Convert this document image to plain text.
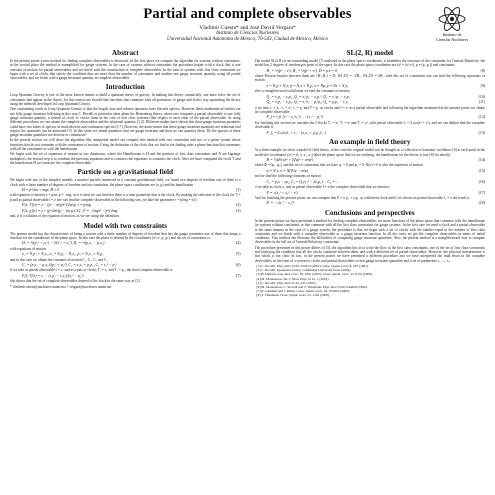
Partial and complete observables
Vladimir Cuesta* and José David Vergara*
Instituto de Ciencias Nucleares
Universidad Nacional Autónoma de México, 70-543, Ciudad de México, México
Instituto de
Ciencias Nucleares
Abstract

In the present poster a new method for finding complete observables is discussed. In the first place we compute the algorithm for systems without constraints, in the second place the method is exemplified for gauge systems. In the case of systems without constraints the procedure begins with a clock that is one constant of motion for partial observables and we finish with the construction of complete observables. In the case of systems with first class constraints we begin with a set of clocks that satisfy the condition that are more than the number of constraints and another one gauge invariant quantity, using all partial observables, and we finish with a gauge invariant quantity in complete observables.

Introduction

Loop Quantum Gravity is one of the most known intents to build a quantum theory of gravity. In making this theory canonically, one must solve the set of constraints that appear in the theory, for this reason one should find functions that commute with all generators of gauge and in this way quantizing the theory using the methods developed in Loop Quantum Gravity.

One outstanding result in Loop Quantum Gravity is that the length, area and volume operators have discrete spectra. However these mathematical entities are not fully gauge invariant following in this way C. Rovelli in particular ideas about the Heisenberg theory, where one computes a partial observable to one fully gauge invariant quantity, a system of clock or clocks (time in the case of first class systems) that respect to each other of the partial observable. In using different procedures we can obtain the complete observables and the relational quantity [1,2]. Different studies have shown that these gauge invariant quantities could have two kinds of spectra, as main discrete and continuous spectra [3-7]. However, the main reason that these gauge invariant quantities are relational and respect the quantities can be measured [3]. In this sense we obtain quantities that are gauge invariant and then we can quantize them. Do the spectra of these gauge invariant quantities are discrete or continuous?

In the present section we will show the algorithm like interpreted model can compute this method with two constraints and two of a given system where functions that do not commute with the constraints of motion. Using the definition of the clock that we find in the finding rules a phase function that commutes with all the constraints or with the hamiltonian.

We begin with the set of equations of motion in one dimension, where the Hamiltonian is H and the position of first class constraints and N are lagrange multipliers, the second step is to combine the previous equations and to construct the equations to construct the clock. After we have computed the clock T and the hamiltonian H we construct the complete observable.

Particle on a gravitational field

We begin with one of the simplest models, a massive particle immersed in a constant gravitational field, we found two degrees of freedom one of them is a clock with a finite number of degrees of freedom and we constraints, the phase space coordinates are (z, p) and the hamiltonian

H = p²/2m + mgz, H ≈ 0	(1)

with equation of motion ż = p/m, ṗ = −mg, so it is then we can find that there is a time parameter that is the clock. By making the selection of the clock for T = p and as partial observable f = z one can find the complete observable in the following way, we take the parameter τ = p/mg = t(τ).

F[z; T](τ) = z − (p² − m²g²τ²)/2m²g, τ = p/mg	(2)
F[z; p](τ) = z + (p²/2m²g) − (m g τ²)/2 , F = −(mgτ² − p²)/2mg	(3)

and, it is a solution of the equation of motion, as we see using the definition.

Model with two constraints

The present model has the characteristic of being a system with a finite number of degrees of freedom that has the gauge symmetry one of them that keeps a function for the coordinates of the phase space. In this case the phase is labeled by the coordinates (x¹,x², p₁,p₂) and the set of constraints is:

D₁ = ½(p₁² + p₂²) − ½(x₁² + x₂²), D₂ = ½(p₁x₂ − p₂x₁)	(4)

with equations of motion

ẋ₁ = N₁p₁ + N₂x₂, ẋ₂ = N₁p₂ − N₂x₁, ṗ₁ = N₁x₁ + N₂p₂	(5)

and in this case we obtain the constants of motion C₁, C₂, C₃ and C₄

C₁ = (p₁x₂ − p₂x₁)/(p₁² + p₂²), C₂ = x₁x₂ + p₁p₂, C₃ = x₁² − p₁²	(6)

if we take as partial observable f = x₁ and as a pair of clocks T₁ = x₂ and T₂ = p₂, the final complete observable is

F[f; T](τ) = x₁ − (τ₁p₂ − τ₂x₂)/(x₂² − p₂²)	(7)

this shows that the set of complete observables depend of the clock in the same way as [3].

* vladimir.cuesta@nucleares.unam.mx † vergara@nucleares.unam.mx

SL(2, R) model

The model SL(2,R) is an outstanding model [7] analyzed in the phase space coordinates, it resembles the structure of the constraints for General Relativity; the model has 2 degrees of freedom per point of the space. In this case the phase space coordinates are (x¹ = (x¹,x²), p = (p₁,p₂)) and constraints

H₁ = ½(p² − x²), H₂ = ½(p² + x²), D = p·x = 0,	(8)

where Poisson bracket between them are {H₁,H₂} = D, {H₁,D} = −2H₁, {H₂,D} = 2H₂, with this set of constraints one can find the following equations of motion

ẋ = N₁p + N₂x, ṗ = N₁x + N₃p, ẋ = Np, ṗ = Nx + N₂x,	(9)

after a straightforward calculation we find the constants of motion

Q₁ = x₁p₂ − x₂p₁, Q₂ = x₁²p₂ − x₂p₁², Q₃ = x₁²p₁ − x₂p₂	(10)
Q₄ = x₁p₁ − x₂p₂, Q₅ = x₁²x₂ − p₁²p₂, Q₆ = p₁p₂ − x₁x₂	(11)

if we take τ₁ = x₁, τ₂ = x², τ₃ = p₁ and T = p₂ as clocks and f = x² as a partial observable and following the algorithm mentioned in the present poster we obtain the complete observable

F_f = τ₂(τ₁²τ² − x₁²x₂²) ... / (x₁² − p₁²)	(12)

For finishing this section we can take the 3 clocks T₁ = x¹, T₂ = x² and T₃ = x³, with partial observable f₃ = 4 cos(x¹ + x²), and we can deduce that the complete observable is

F_f₃ = 4 cos[τ₁ + τ₂ − (x₁x₂ + p₁p₂)/...]	(13)
An example in field theory

As a final example we show a model of field theory, in this case the original model can be thought as a collection of harmonic oscillators [6] at each point in the model the coordinates (x¹) = (t, x, x₁, x₂) label the phase space that we are studying, the hamiltonian for the theory is (see [8] for details)

H = ½∫d³x (π² + (∇φ)² + m²φ²)	(14)

where Φ = (φ₁, φ₂), and the set of constraints that we have φ₁ = 0 and φ₂ = 0, N(x) = 0 is also the equations of motion

φ̇ = N π, π̇ = N(∇²φ − m²φ)	(15)

and we find the following constants of motion

C₁ = p₂x − xp₂, C₂ = Q₁(x₁² − 2x₁p₁) ... C₃ = ...	(16)

if we take as clock x₂ and as partial observable f = x the complete observable that we obtain is

F = √(x₁² + x₂² − τ²)	(17)

And for finishing the present poster we can compute that E = x₁p₂ + x₂p₁ as a different clock and if we choose as partial observable f₂ = x the result is

E' = −√(τ₂² − x₁²)	(18)
Conclusions and perspectives

In the present poster we have presented a method for finding complete observables, we more functions of the phase space that commute with the hamiltonian for systems without constraints or that commute with all the first class constraints for gauge systems. In the first case we need a clock and a partial observable in the same manner in the case of a gauge system, the procedure is that we begin with a set of clocks with the number equal to the number of first class constraints and we finish with a complete observable or a gauge invariant function. In all the cases we get the complete observables in terms of initial conditions. This method can illustrate the difficulties of computing gauge invariant quantities. Also, the present method is a straightforward way to compute observables in the full set of General Relativity constraints.

The procedure presented in this poster differs of [3], the algorithm lies in to write the flow of the first class constraints, one of the set of first class constraints and satisfying the condition that all the clocks commute between them, and with a different set of partial observables. However, the physical interpretation is that which is not clear. In fact, in the present poster we have presented a different procedure and we have interpreted the final result in the complete observables, in the form of a system of clocks and partial observables so that gauge invariant quantities and a set of parameters τ₁, ..., τₙ.

[1] C. Rovelli, Phys. Rev. D 65, 124013 (2002); Class. Quant. Grav. 8, 297 (1991).
[2] C. Rovelli, Quantum Gravity, Cambridge University Press (2004).
[3] B. Dittrich, Gen. Rel. Grav. 39, 1891 (2007); Class. Quant. Grav. 23, 6155 (2006).
[4] M. Montesinos, Int. J. Mod. Phys. D 10, 1 (2001).
[5] C. Rovelli, Phys. Rev. D 43, 442 (1991).
[6] M. Montesinos, C. Rovelli and T. Thiemann, Phys. Rev. D 60, 044009 (1999).
[7] R. Gambini and J. Pullin, Class. Quant. Grav. 26, 035002 (2009).
[8] T. Thiemann, Class. Quant. Grav. 23, 1163 (2006).
